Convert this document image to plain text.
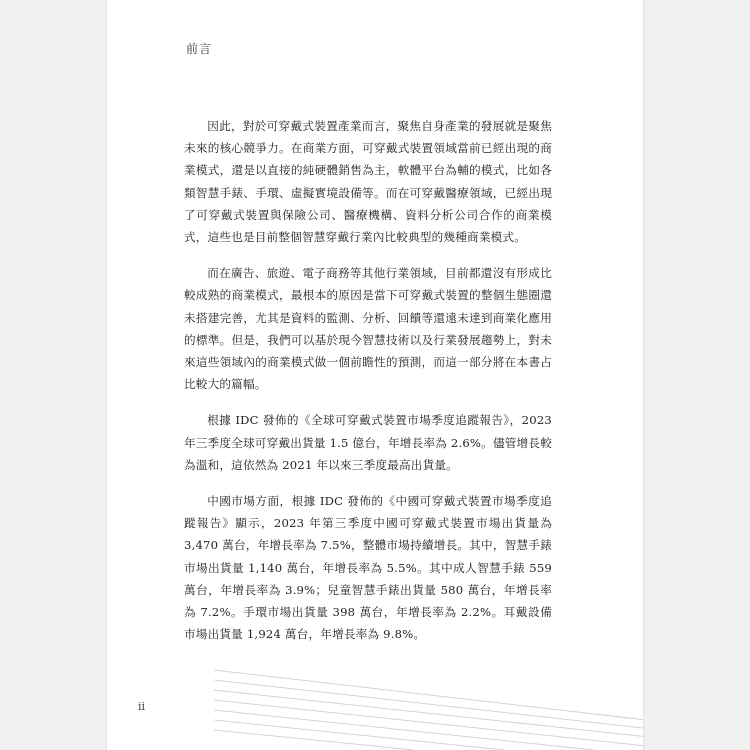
前言

因此，對於可穿戴式裝置產業而言，聚焦自身產業的發展就是聚焦未來的核心競爭力。在商業方面，可穿戴式裝置領域當前已經出現的商業模式，還是以直接的純硬體銷售為主，軟體平台為輔的模式，比如各類智慧手錶、手環、虛擬實境設備等。而在可穿戴醫療領域，已經出現了可穿戴式裝置與保險公司、醫療機構、資料分析公司合作的商業模式，這些也是目前整個智慧穿戴行業內比較典型的幾種商業模式。

而在廣告、旅遊、電子商務等其他行業領域，目前都還沒有形成比較成熟的商業模式，最根本的原因是當下可穿戴式裝置的整個生態圈還未搭建完善，尤其是資料的監測、分析、回饋等還遠未達到商業化應用的標準。但是，我們可以基於現今智慧技術以及行業發展趨勢上，對未來這些領域內的商業模式做一個前瞻性的預測，而這一部分將在本書占比較大的篇幅。

根據 IDC 發佈的《全球可穿戴式裝置市場季度追蹤報告》，2023 年三季度全球可穿戴出貨量 1.5 億台，年增長率為 2.6%。儘管增長較為溫和，這依然為 2021 年以來三季度最高出貨量。

中國市場方面，根據 IDC 發佈的《中國可穿戴式裝置市場季度追蹤報告》顯示，2023 年第三季度中國可穿戴式裝置市場出貨量為 3,470 萬台，年增長率為 7.5%，整體市場持續增長。其中，智慧手錶市場出貨量 1,140 萬台，年增長率為 5.5%。其中成人智慧手錶 559 萬台，年增長率為 3.9%；兒童智慧手錶出貨量 580 萬台，年增長率為 7.2%。手環市場出貨量 398 萬台，年增長率為 2.2%。耳戴設備市場出貨量 1,924 萬台，年增長率為 9.8%。

ii
